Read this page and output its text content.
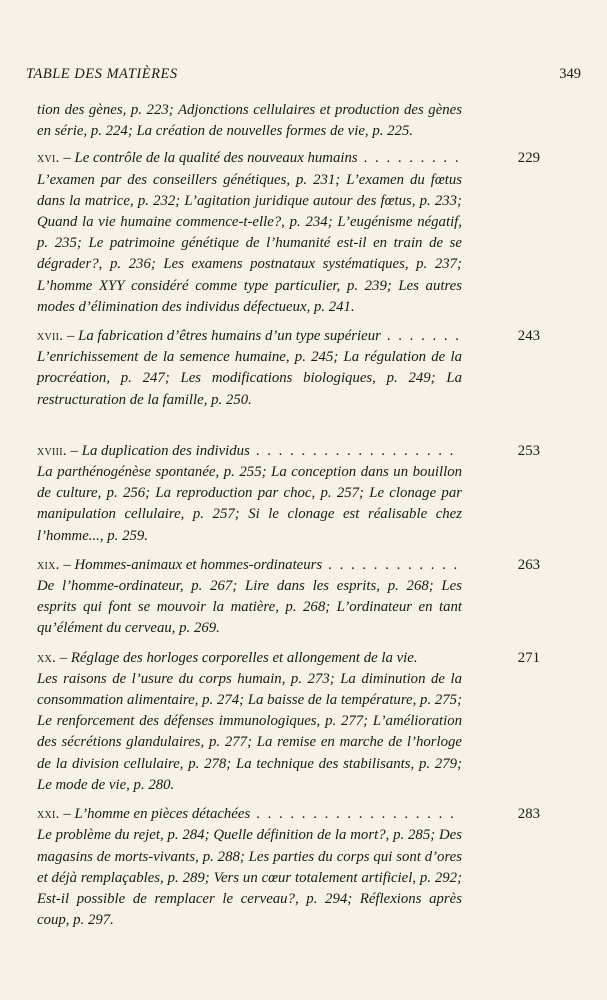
TABLE DES MATIÈRES	349
tion des gènes, p. 223; Adjonctions cellulaires et production des gènes en série, p. 224; La création de nouvelles formes de vie, p. 225.
xvi. – Le contrôle de la qualité des nouveaux humains . . .	229
L’examen par des conseillers génétiques, p. 231; L’examen du fœtus dans la matrice, p. 232; L’agitation juridique autour des fœtus, p. 233; Quand la vie humaine commence-t-elle?, p. 234; L’eugénisme négatif, p. 235; Le patrimoine génétique de l’humanité est-il en train de se dégrader?, p. 236; Les examens postnataux systématiques, p. 237; L’homme XYY considéré comme type particulier, p. 239; Les autres modes d’élimination des individus défectueux, p. 241.
xvii. – La fabrication d’êtres humains d’un type supérieur . . .	243
L’enrichissement de la semence humaine, p. 245; La régulation de la procréation, p. 247; Les modifications biologiques, p. 249; La restructuration de la famille, p. 250.
xviii. – La duplication des individus . . .	253
La parthénogénèse spontanée, p. 255; La conception dans un bouillon de culture, p. 256; La reproduction par choc, p. 257; Le clonage par manipulation cellulaire, p. 257; Si le clonage est réalisable chez l’homme..., p. 259.
xix. – Hommes-animaux et hommes-ordinateurs . . .	263
De l’homme-ordinateur, p. 267; Lire dans les esprits, p. 268; Les esprits qui font se mouvoir la matière, p. 268; L’ordinateur en tant qu’élément du cerveau, p. 269.
xx. – Réglage des horloges corporelles et allongement de la vie.	271
Les raisons de l’usure du corps humain, p. 273; La diminution de la consommation alimentaire, p. 274; La baisse de la température, p. 275; Le renforcement des défenses immunologiques, p. 277; L’amélioration des sécrétions glandulaires, p. 277; La remise en marche de l’horloge de la division cellulaire, p. 278; La technique des stabilisants, p. 279; Le mode de vie, p. 280.
xxi. – L’homme en pièces détachées . . .	283
Le problème du rejet, p. 284; Quelle définition de la mort?, p. 285; Des magasins de morts-vivants, p. 288; Les parties du corps qui sont d’ores et déjà remplaçables, p. 289; Vers un cœur totalement artificiel, p. 292; Est-il possible de remplacer le cerveau?, p. 294; Réflexions après coup, p. 297.
